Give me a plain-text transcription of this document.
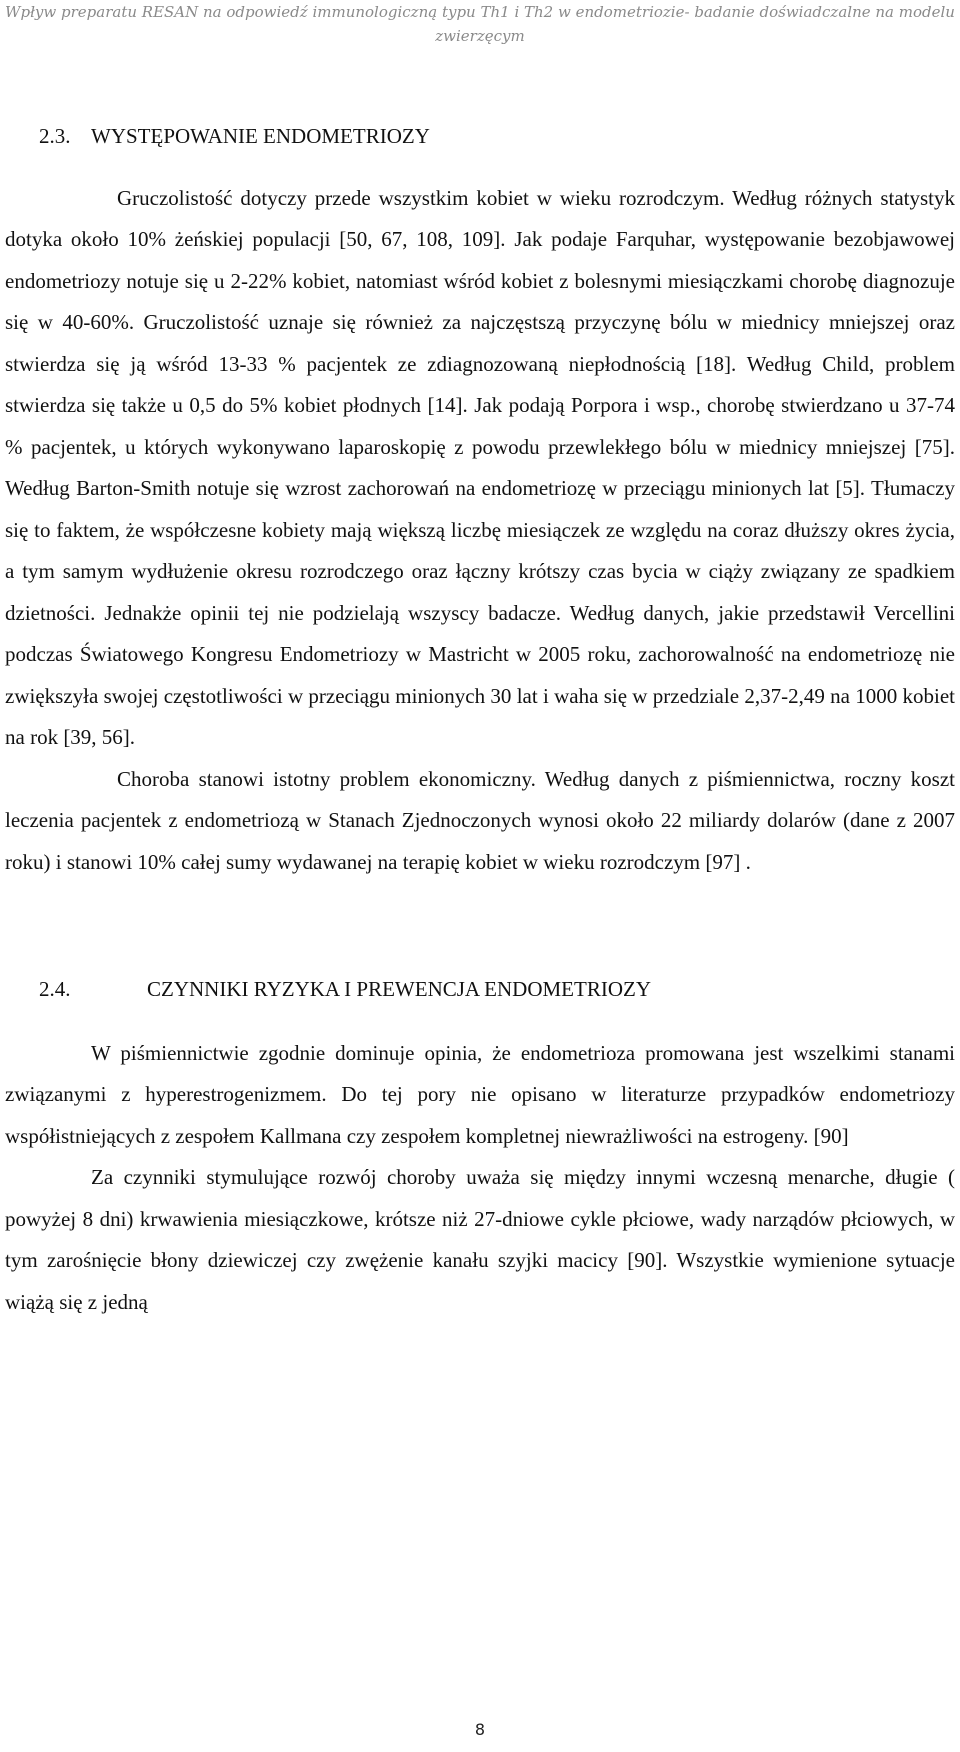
Wpływ preparatu RESAN na odpowiedź immunologiczną typu Th1 i Th2 w endometriozie- badanie doświadczalne na modelu
zwierzęcym
2.3. WYSTĘPOWANIE ENDOMETRIOZY

Gruczolistość dotyczy przede wszystkim kobiet w wieku rozrodczym. Według różnych statystyk dotyka około 10% żeńskiej populacji [50, 67, 108, 109]. Jak podaje Farquhar, występowanie bezobjawowej endometriozy notuje się u 2-22% kobiet, natomiast wśród kobiet z bolesnymi miesiączkami chorobę diagnozuje się w 40-60%. Gruczolistość uznaje się również za najczęstszą przyczynę bólu w miednicy mniejszej oraz stwierdza się ją wśród 13-33 % pacjentek ze zdiagnozowaną niepłodnością [18]. Według Child, problem stwierdza się także u 0,5 do 5% kobiet płodnych [14]. Jak podają Porpora i wsp., chorobę stwierdzano u 37-74 % pacjentek, u których wykonywano laparoskopię z powodu przewlekłego bólu w miednicy mniejszej [75]. Według Barton-Smith notuje się wzrost zachorowań na endometriozę w przeciągu minionych lat [5]. Tłumaczy się to faktem, że współczesne kobiety mają większą liczbę miesiączek ze względu na coraz dłuższy okres życia, a tym samym wydłużenie okresu rozrodczego oraz łączny krótszy czas bycia w ciąży związany ze spadkiem dzietności. Jednakże opinii tej nie podzielają wszyscy badacze. Według danych, jakie przedstawił Vercellini podczas Światowego Kongresu Endometriozy w Mastricht w 2005 roku, zachorowalność na endometriozę nie zwiększyła swojej częstotliwości w przeciągu minionych 30 lat i waha się w przedziale 2,37-2,49 na 1000 kobiet na rok [39, 56].

Choroba stanowi istotny problem ekonomiczny. Według danych z piśmiennictwa, roczny koszt leczenia pacjentek z endometriozą w Stanach Zjednoczonych wynosi około 22 miliardy dolarów (dane z 2007 roku) i stanowi 10% całej sumy wydawanej na terapię kobiet w wieku rozrodczym [97] .

2.4.	CZYNNIKI RYZYKA I PREWENCJA ENDOMETRIOZY

W piśmiennictwie zgodnie dominuje opinia, że endometrioza promowana jest wszelkimi stanami związanymi z hyperestrogenizmem. Do tej pory nie opisano w literaturze przypadków endometriozy współistniejących z zespołem Kallmana czy zespołem kompletnej niewrażliwości na estrogeny. [90]

Za czynniki stymulujące rozwój choroby uważa się między innymi wczesną menarche, długie ( powyżej 8 dni) krwawienia miesiączkowe, krótsze niż 27-dniowe cykle płciowe, wady narządów płciowych, w tym zarośnięcie błony dziewiczej czy zwężenie kanału szyjki macicy [90]. Wszystkie wymienione sytuacje wiążą się z jedną

8
